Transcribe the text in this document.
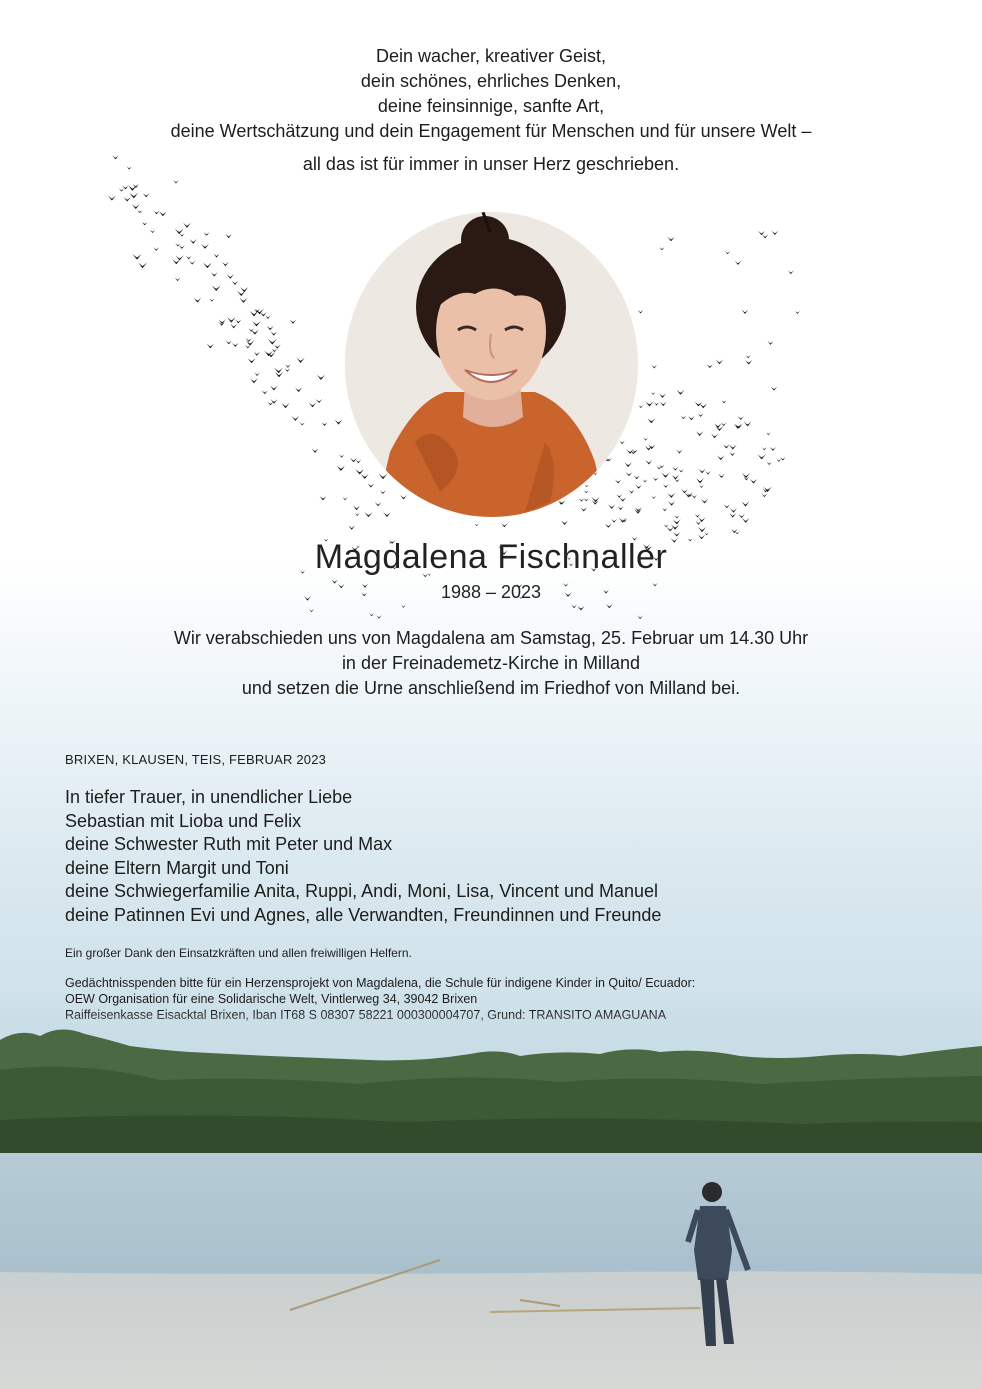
Dein wacher, kreativer Geist,
dein schönes, ehrliches Denken,
deine feinsinnige, sanfte Art,
deine Wertschätzung und dein Engagement für Menschen und für unsere Welt –
all das ist für immer in unser Herz geschrieben.
Magdalena Fischnaller
1988 – 2023
Wir verabschieden uns von Magdalena am Samstag, 25. Februar um 14.30 Uhr
in der Freinademetz-Kirche in Milland
und setzen die Urne anschließend im Friedhof von Milland bei.
BRIXEN, KLAUSEN, TEIS, FEBRUAR 2023
In tiefer Trauer, in unendlicher Liebe
Sebastian mit Lioba und Felix
deine Schwester Ruth mit Peter und Max
deine Eltern Margit und Toni
deine Schwiegerfamilie Anita, Ruppi, Andi, Moni, Lisa, Vincent und Manuel
deine Patinnen Evi und Agnes, alle Verwandten, Freundinnen und Freunde
Ein großer Dank den Einsatzkräften und allen freiwilligen Helfern.
Gedächtnisspenden bitte für ein Herzensprojekt von Magdalena, die Schule für indigene Kinder in Quito/ Ecuador:
OEW Organisation für eine Solidarische Welt, Vintlerweg 34, 39042 Brixen
